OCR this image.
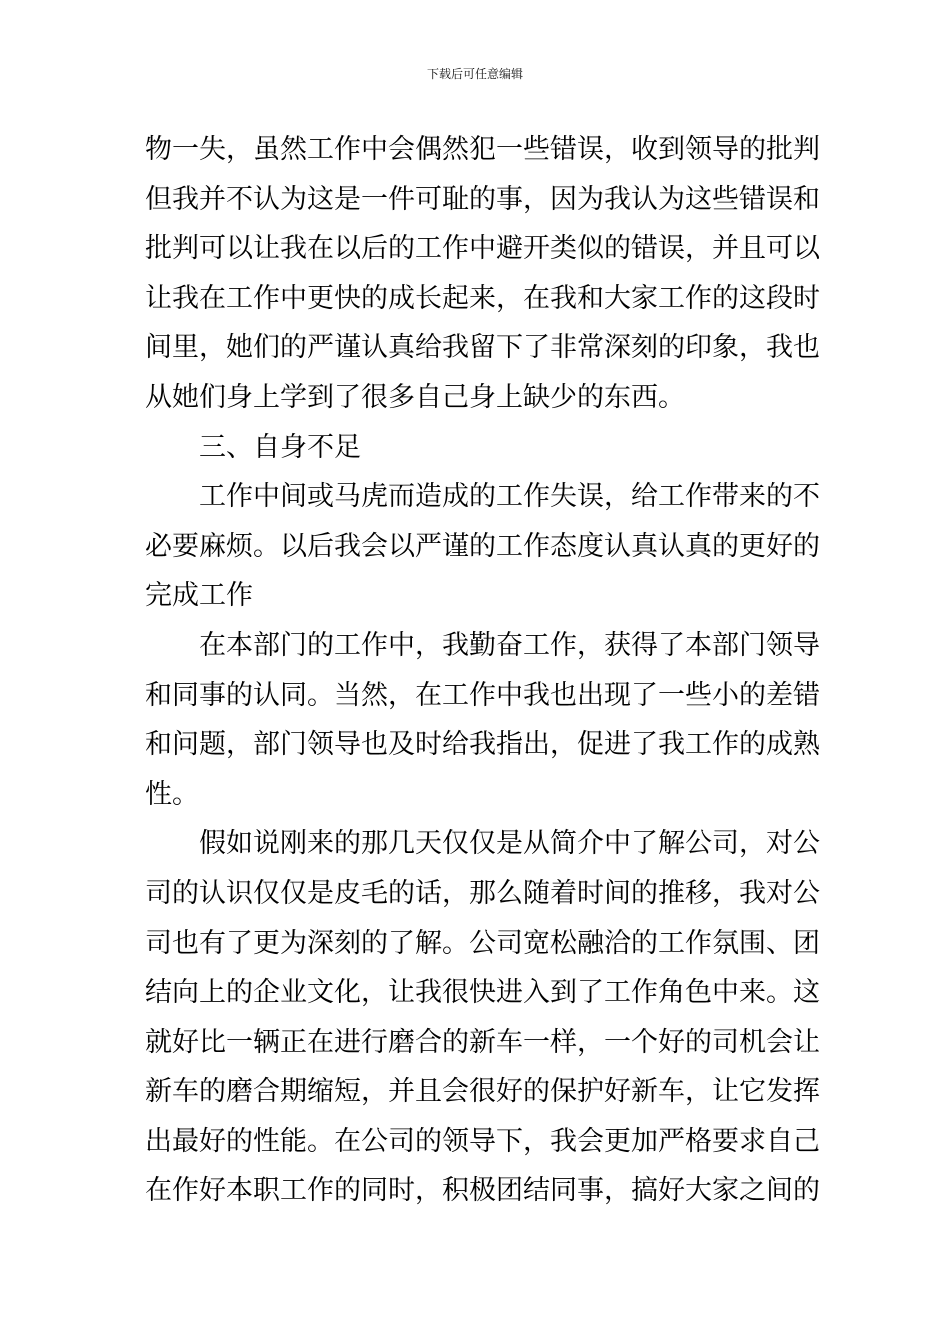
下载后可任意编辑
物一失，虽然工作中会偶然犯一些错误，收到领导的批判
但我并不认为这是一件可耻的事，因为我认为这些错误和
批判可以让我在以后的工作中避开类似的错误，并且可以
让我在工作中更快的成长起来，在我和大家工作的这段时
间里，她们的严谨认真给我留下了非常深刻的印象，我也
从她们身上学到了很多自己身上缺少的东西。
三、自身不足
工作中间或马虎而造成的工作失误，给工作带来的不
必要麻烦。以后我会以严谨的工作态度认真认真的更好的
完成工作
在本部门的工作中，我勤奋工作，获得了本部门领导
和同事的认同。当然，在工作中我也出现了一些小的差错
和问题，部门领导也及时给我指出，促进了我工作的成熟
性。
假如说刚来的那几天仅仅是从简介中了解公司，对公
司的认识仅仅是皮毛的话，那么随着时间的推移，我对公
司也有了更为深刻的了解。公司宽松融洽的工作氛围、团
结向上的企业文化，让我很快进入到了工作角色中来。这
就好比一辆正在进行磨合的新车一样，一个好的司机会让
新车的磨合期缩短，并且会很好的保护好新车，让它发挥
出最好的性能。在公司的领导下，我会更加严格要求自己
在作好本职工作的同时，积极团结同事，搞好大家之间的
